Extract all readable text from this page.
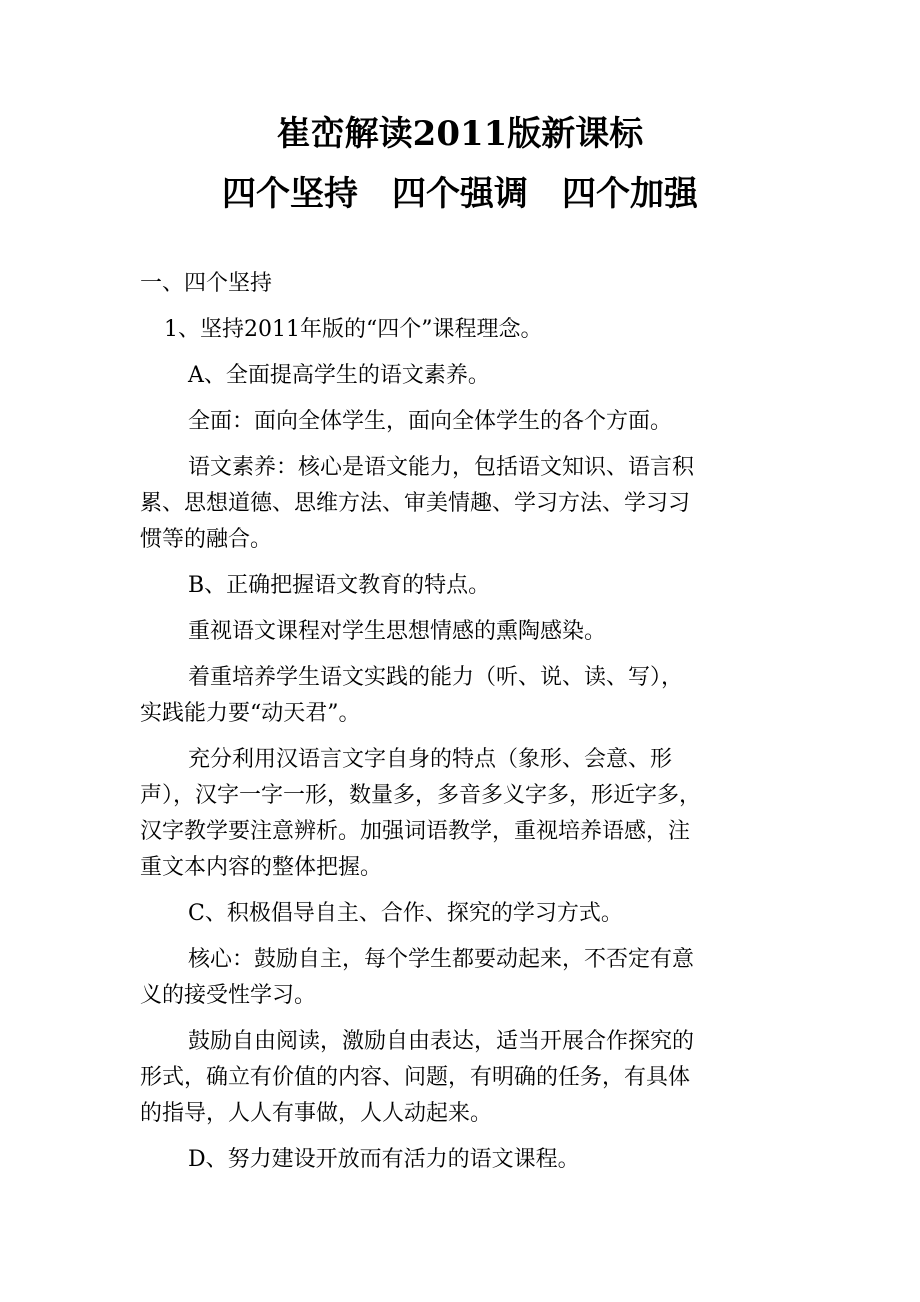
崔峦解读2011版新课标
四个坚持　四个强调　四个加强

一、四个坚持

1、坚持2011年版的“四个”课程理念。

A、全面提高学生的语文素养。

全面：面向全体学生，面向全体学生的各个方面。

语文素养：核心是语文能力，包括语文知识、语言积
累、思想道德、思维方法、审美情趣、学习方法、学习习
惯等的融合。

B、正确把握语文教育的特点。

重视语文课程对学生思想情感的熏陶感染。

着重培养学生语文实践的能力（听、说、读、写），
实践能力要“动天君”。
充分利用汉语言文字自身的特点（象形、会意、形
声），汉字一字一形，数量多，多音多义字多，形近字多，
汉字教学要注意辨析。加强词语教学，重视培养语感，注
重文本内容的整体把握。

C、积极倡导自主、合作、探究的学习方式。

核心：鼓励自主，每个学生都要动起来，不否定有意
义的接受性学习。
鼓励自由阅读，激励自由表达，适当开展合作探究的
形式，确立有价值的内容、问题，有明确的任务，有具体
的指导，人人有事做，人人动起来。

D、努力建设开放而有活力的语文课程。
